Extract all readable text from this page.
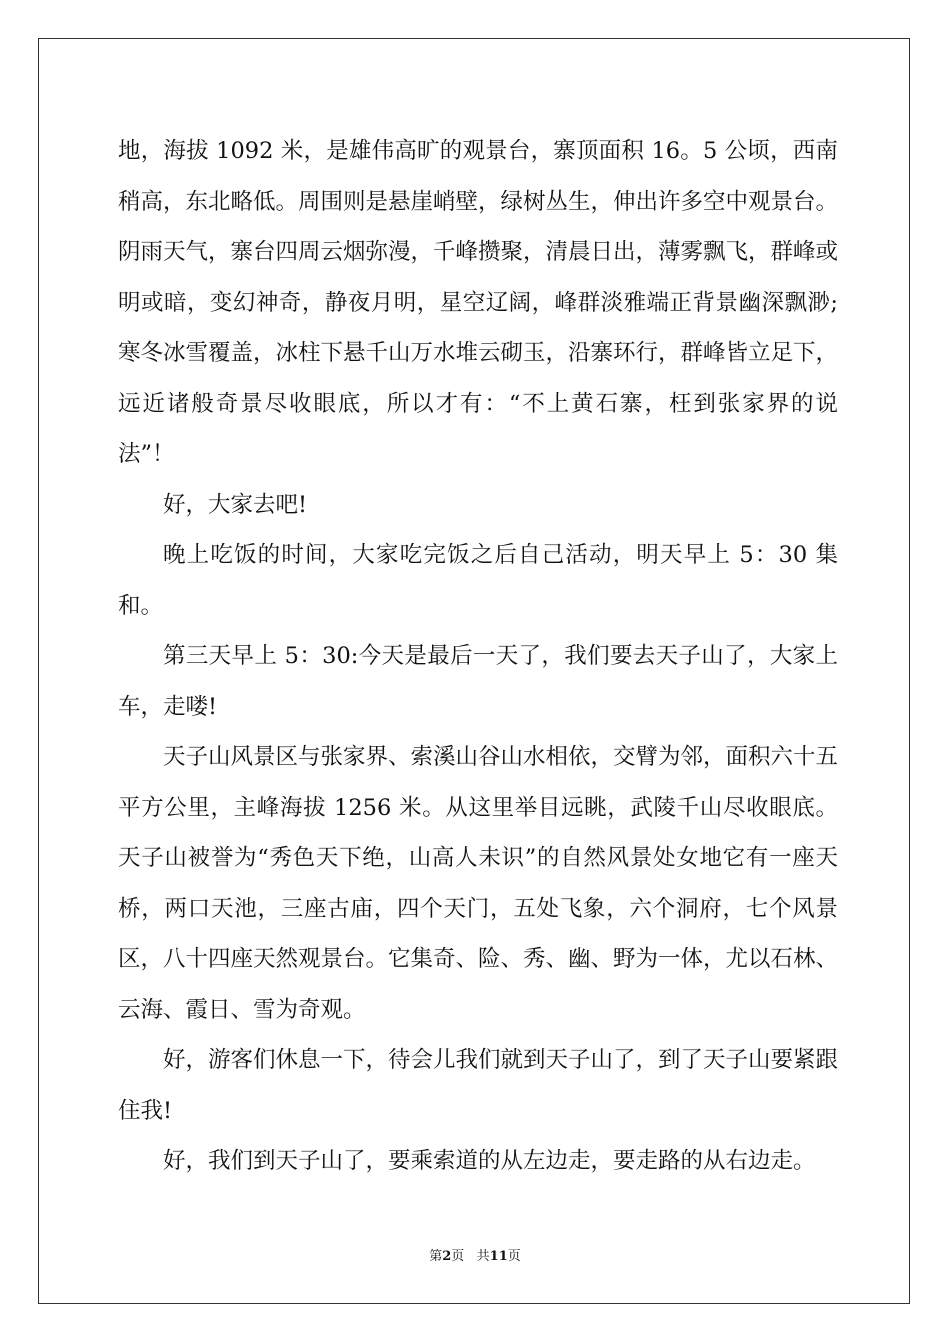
地，海拔 1092 米，是雄伟高旷的观景台，寨顶面积 16。5 公顷，西南稍高，东北略低。周围则是悬崖峭壁，绿树丛生，伸出许多空中观景台。阴雨天气，寨台四周云烟弥漫，千峰攒聚，清晨日出，薄雾飘飞，群峰或明或暗，变幻神奇，静夜月明，星空辽阔，峰群淡雅端正背景幽深飘渺;寒冬冰雪覆盖，冰柱下悬千山万水堆云砌玉，沿寨环行，群峰皆立足下，远近诸般奇景尽收眼底，所以才有：“不上黄石寨，枉到张家界的说法”！

好，大家去吧!

晚上吃饭的时间，大家吃完饭之后自己活动，明天早上 5：30 集和。

第三天早上 5：30:今天是最后一天了，我们要去天子山了，大家上车，走喽!

天子山风景区与张家界、索溪山谷山水相依，交臂为邻，面积六十五平方公里，主峰海拔 1256 米。从这里举目远眺，武陵千山尽收眼底。天子山被誉为“秀色天下绝，山高人未识”的自然风景处女地它有一座天桥，两口天池，三座古庙，四个天门，五处飞象，六个洞府，七个风景区，八十四座天然观景台。它集奇、险、秀、幽、野为一体，尤以石林、云海、霞日、雪为奇观。

好，游客们休息一下，待会儿我们就到天子山了，到了天子山要紧跟住我!

好，我们到天子山了，要乘索道的从左边走，要走路的从右边走。

第2页   共11页
